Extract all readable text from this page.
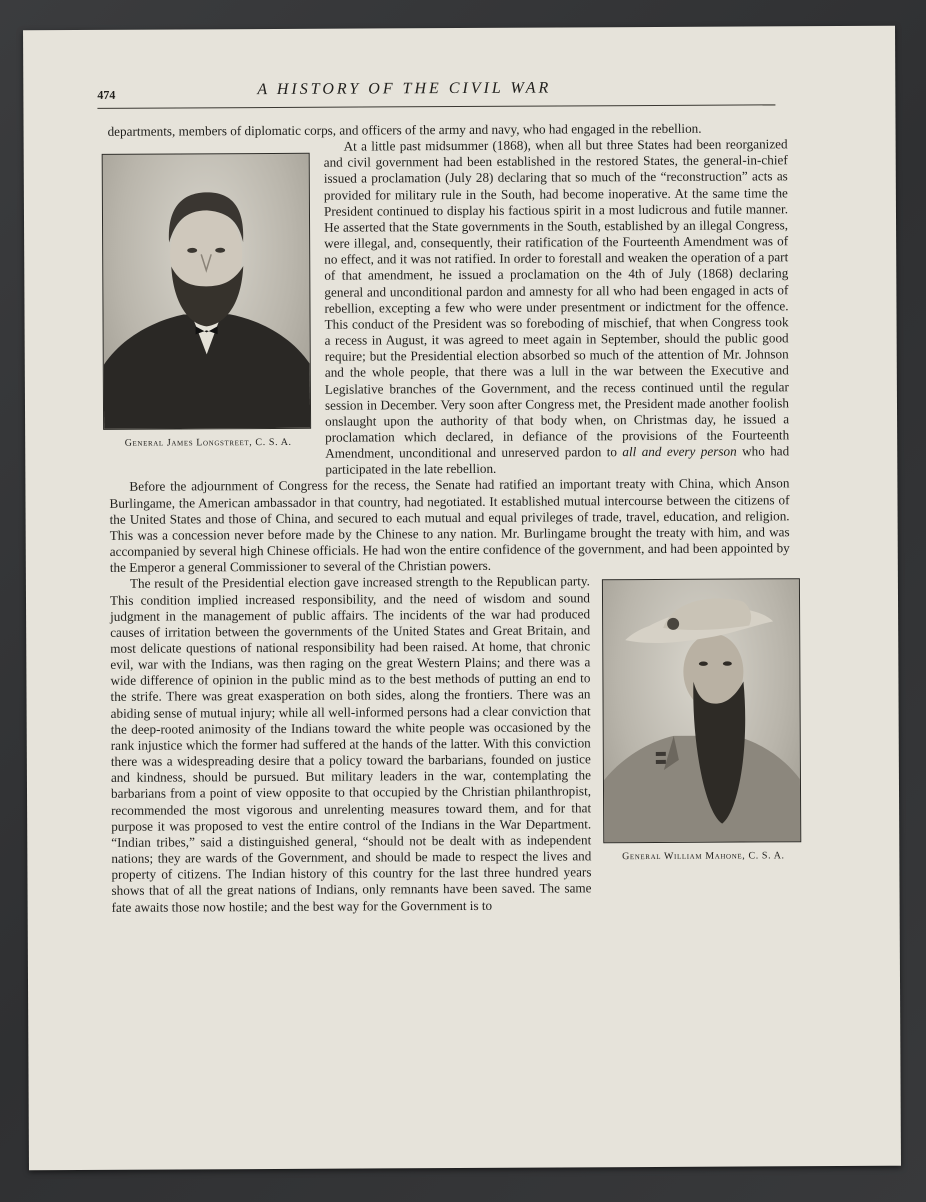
474	A HISTORY OF THE CIVIL WAR

departments, members of diplomatic corps, and officers of the army and navy, who had engaged in the rebellion.

General James Longstreet, C. S. A.

At a little past midsummer (1868), when all but three States had been reorganized and civil government had been established in the restored States, the general-in-chief issued a proclamation (July 28) declaring that so much of the “reconstruction” acts as provided for military rule in the South, had become inoperative. At the same time the President continued to display his factious spirit in a most ludicrous and futile manner. He asserted that the State governments in the South, established by an illegal Congress, were illegal, and, consequently, their ratification of the Fourteenth Amendment was of no effect, and it was not ratified. In order to forestall and weaken the operation of a part of that amendment, he issued a proclamation on the 4th of July (1868) declaring general and unconditional pardon and amnesty for all who had been engaged in acts of rebellion, excepting a few who were under presentment or indictment for the offence. This conduct of the President was so foreboding of mischief, that when Congress took a recess in August, it was agreed to meet again in September, should the public good require; but the Presidential election absorbed so much of the attention of Mr. Johnson and the whole people, that there was a lull in the war between the Executive and Legislative branches of the Government, and the recess continued until the regular session in December. Very soon after Congress met, the President made another foolish onslaught upon the authority of that body when, on Christmas day, he issued a proclamation which declared, in defiance of the provisions of the Fourteenth Amendment, unconditional and unreserved pardon to all and every person who had participated in the late rebellion.

Before the adjournment of Congress for the recess, the Senate had ratified an important treaty with China, which Anson Burlingame, the American ambassador in that country, had negotiated. It established mutual intercourse between the citizens of the United States and those of China, and secured to each mutual and equal privileges of trade, travel, education, and religion. This was a concession never before made by the Chinese to any nation. Mr. Burlingame brought the treaty with him, and was accompanied by several high Chinese officials. He had won the entire confidence of the government, and had been appointed by the Emperor a general Commissioner to several of the Christian powers.

General William Mahone, C. S. A.

The result of the Presidential election gave increased strength to the Republican party. This condition implied increased responsibility, and the need of wisdom and sound judgment in the management of public affairs. The incidents of the war had produced causes of irritation between the governments of the United States and Great Britain, and most delicate questions of national responsibility had been raised. At home, that chronic evil, war with the Indians, was then raging on the great Western Plains; and there was a wide difference of opinion in the public mind as to the best methods of putting an end to the strife. There was great exasperation on both sides, along the frontiers. There was an abiding sense of mutual injury; while all well-informed persons had a clear conviction that the deep-rooted animosity of the Indians toward the white people was occasioned by the rank injustice which the former had suffered at the hands of the latter. With this conviction there was a widespreading desire that a policy toward the barbarians, founded on justice and kindness, should be pursued. But military leaders in the war, contemplating the barbarians from a point of view opposite to that occupied by the Christian philanthropist, recommended the most vigorous and unrelenting measures toward them, and for that purpose it was proposed to vest the entire control of the Indians in the War Department. “Indian tribes,” said a distinguished general, “should not be dealt with as independent nations; they are wards of the Government, and should be made to respect the lives and property of citizens. The Indian history of this country for the last three hundred years shows that of all the great nations of Indians, only remnants have been saved. The same fate awaits those now hostile; and the best way for the Government is to
